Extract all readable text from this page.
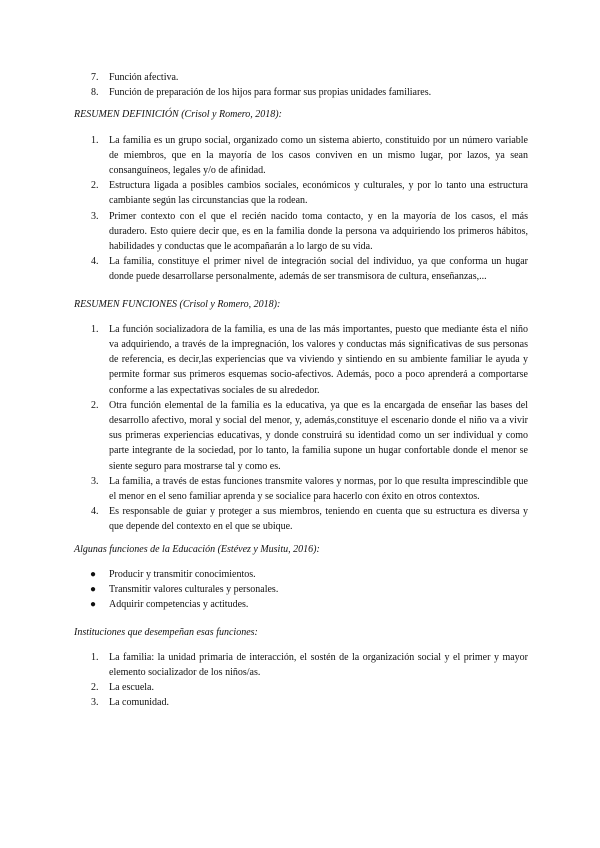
7. Función afectiva.
8. Función de preparación de los hijos para formar sus propias unidades familiares.

RESUMEN DEFINICIÓN (Crisol y Romero, 2018):

1. La familia es un grupo social, organizado como un sistema abierto, constituido por un número variable de miembros, que en la mayoría de los casos conviven en un mismo lugar, por lazos, ya sean consanguíneos, legales y/o de afinidad.
2. Estructura ligada a posibles cambios sociales, económicos y culturales, y por lo tanto una estructura cambiante según las circunstancias que la rodean.
3. Primer contexto con el que el recién nacido toma contacto, y en la mayoría de los casos, el más duradero. Esto quiere decir que, es en la familia donde la persona va adquiriendo los primeros hábitos, habilidades y conductas que le acompañarán a lo largo de su vida.
4. La familia, constituye el primer nivel de integración social del individuo, ya que conforma un hugar donde puede desarrollarse personalmente, además de ser transmisora de cultura, enseñanzas,...

RESUMEN FUNCIONES (Crisol y Romero, 2018):

1. La función socializadora de la familia, es una de las más importantes, puesto que mediante ésta el niño va adquiriendo, a través de la impregnación, los valores y conductas más significativas de sus personas de referencia, es decir,las experiencias que va viviendo y sintiendo en su ambiente familiar le ayuda y permite formar sus primeros esquemas socio-afectivos. Además, poco a poco aprenderá a comportarse conforme a las expectativas sociales de su alrededor.
2. Otra función elemental de la familia es la educativa, ya que es la encargada de enseñar las bases del desarrollo afectivo, moral y social del menor, y, además,constituye el escenario donde el niño va a vivir sus primeras experiencias educativas, y donde construirá su identidad como un ser individual y como parte integrante de la sociedad, por lo tanto, la familia supone un hugar confortable donde el menor se siente seguro para mostrarse tal y como es.
3. La familia, a través de estas funciones transmite valores y normas, por lo que resulta imprescindible que el menor en el seno familiar aprenda y se socialice para hacerlo con éxito en otros contextos.
4. Es responsable de guiar y proteger a sus miembros, teniendo en cuenta que su estructura es diversa y que depende del contexto en el que se ubique.

Algunas funciones de la Educación (Estévez y Musitu, 2016):

● Producir y transmitir conocimientos.
● Transmitir valores culturales y personales.
● Adquirir competencias y actitudes.

Instituciones que desempeñan esas funciones:

1. La familia: la unidad primaria de interacción, el sostén de la organización social y el primer y mayor elemento socializador de los niños/as.
2. La escuela.
3. La comunidad.
